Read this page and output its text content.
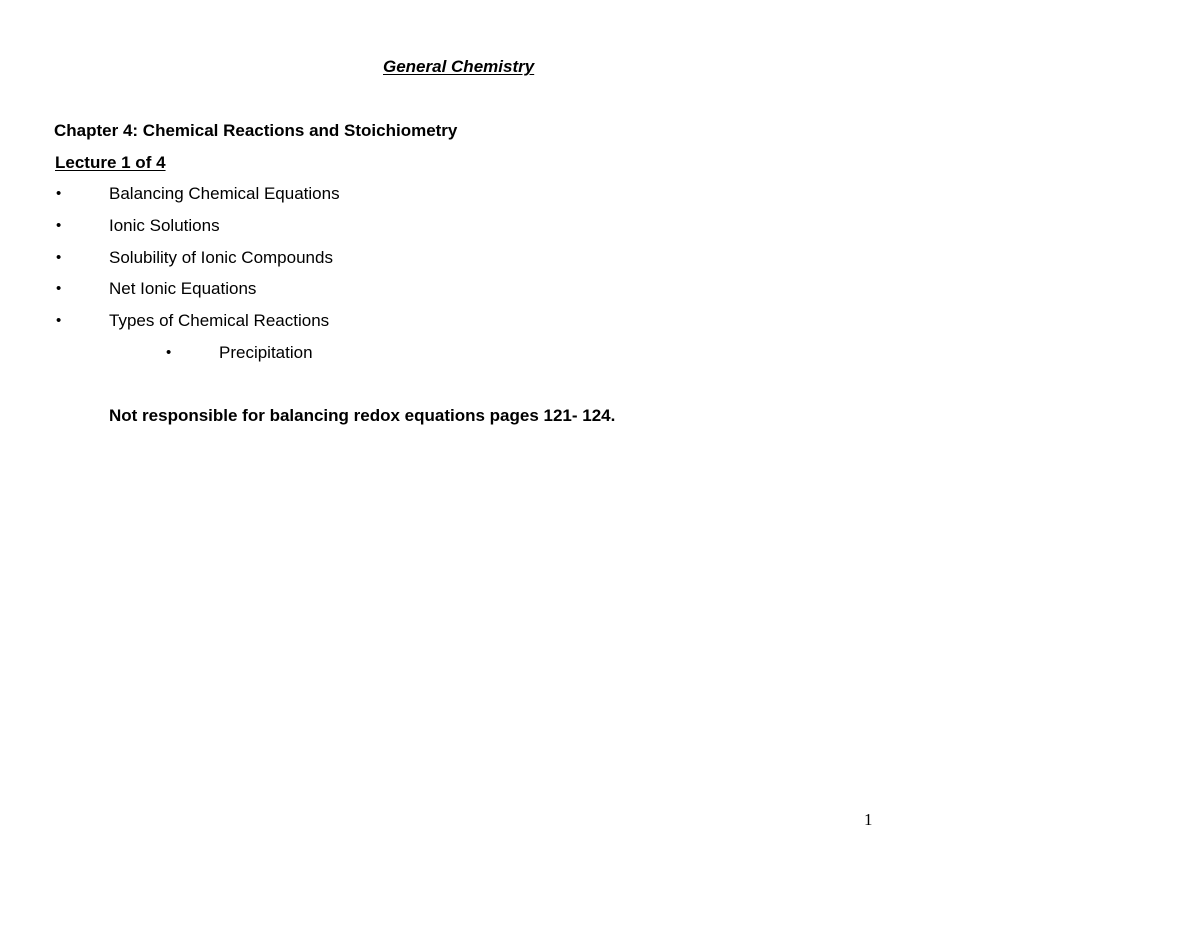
General Chemistry
Chapter 4: Chemical Reactions and Stoichiometry
Lecture 1 of 4
•	Balancing Chemical Equations
•	Ionic Solutions
•	Solubility of Ionic Compounds
•	Net Ionic Equations
•	Types of Chemical Reactions
•	Precipitation
Not responsible for balancing redox equations pages 121- 124.
1
